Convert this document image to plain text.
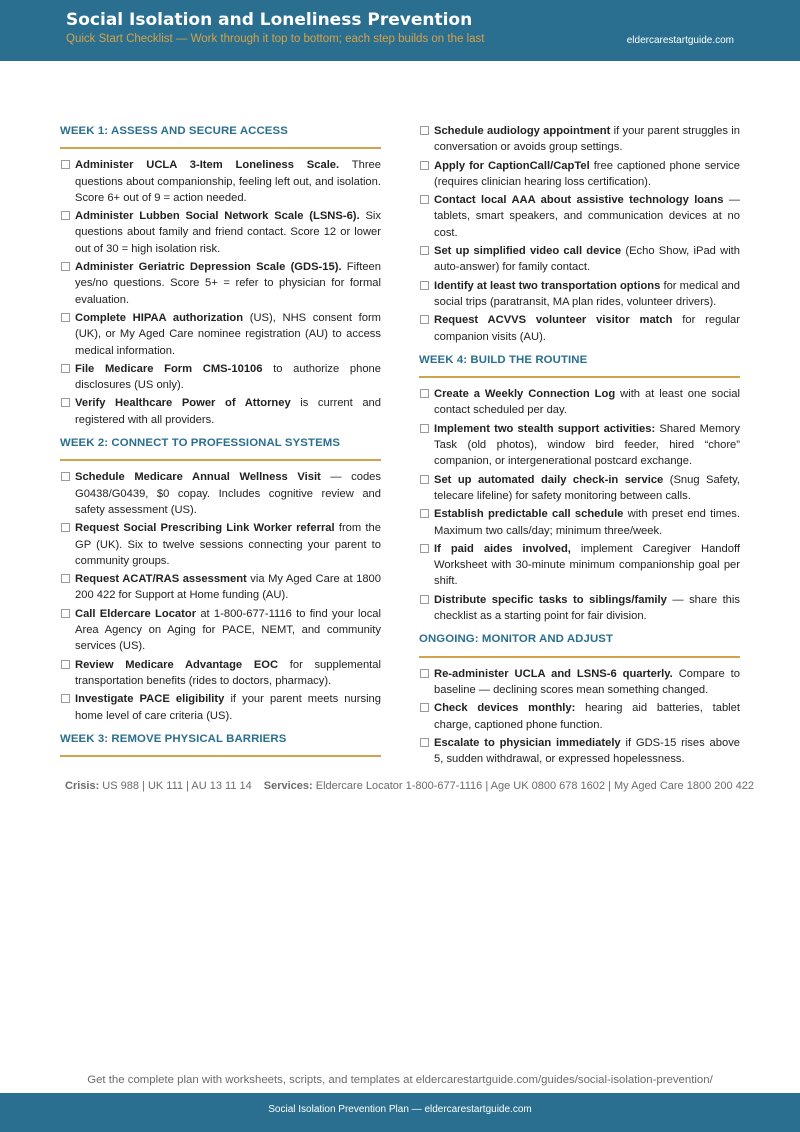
Social Isolation and Loneliness Prevention
Quick Start Checklist — Work through it top to bottom; each step builds on the last	eldercarestartguide.com
WEEK 1: ASSESS AND SECURE ACCESS
Administer UCLA 3-Item Loneliness Scale. Three questions about companionship, feeling left out, and isolation. Score 6+ out of 9 = action needed.
Administer Lubben Social Network Scale (LSNS-6). Six questions about family and friend contact. Score 12 or lower out of 30 = high isolation risk.
Administer Geriatric Depression Scale (GDS-15). Fifteen yes/no questions. Score 5+ = refer to physician for formal evaluation.
Complete HIPAA authorization (US), NHS consent form (UK), or My Aged Care nominee registration (AU) to access medical information.
File Medicare Form CMS-10106 to authorize phone disclosures (US only).
Verify Healthcare Power of Attorney is current and registered with all providers.
WEEK 2: CONNECT TO PROFESSIONAL SYSTEMS
Schedule Medicare Annual Wellness Visit — codes G0438/G0439, $0 copay. Includes cognitive review and safety assessment (US).
Request Social Prescribing Link Worker referral from the GP (UK). Six to twelve sessions connecting your parent to community groups.
Request ACAT/RAS assessment via My Aged Care at 1800 200 422 for Support at Home funding (AU).
Call Eldercare Locator at 1-800-677-1116 to find your local Area Agency on Aging for PACE, NEMT, and community services (US).
Review Medicare Advantage EOC for supplemental transportation benefits (rides to doctors, pharmacy).
Investigate PACE eligibility if your parent meets nursing home level of care criteria (US).
WEEK 3: REMOVE PHYSICAL BARRIERS
Schedule audiology appointment if your parent struggles in conversation or avoids group settings.
Apply for CaptionCall/CapTel free captioned phone service (requires clinician hearing loss certification).
Contact local AAA about assistive technology loans — tablets, smart speakers, and communication devices at no cost.
Set up simplified video call device (Echo Show, iPad with auto-answer) for family contact.
Identify at least two transportation options for medical and social trips (paratransit, MA plan rides, volunteer drivers).
Request ACVVS volunteer visitor match for regular companion visits (AU).
WEEK 4: BUILD THE ROUTINE
Create a Weekly Connection Log with at least one social contact scheduled per day.
Implement two stealth support activities: Shared Memory Task (old photos), window bird feeder, hired “chore” companion, or intergenerational postcard exchange.
Set up automated daily check-in service (Snug Safety, telecare lifeline) for safety monitoring between calls.
Establish predictable call schedule with preset end times. Maximum two calls/day; minimum three/week.
If paid aides involved, implement Caregiver Handoff Worksheet with 30-minute minimum companionship goal per shift.
Distribute specific tasks to siblings/family — share this checklist as a starting point for fair division.
ONGOING: MONITOR AND ADJUST
Re-administer UCLA and LSNS-6 quarterly. Compare to baseline — declining scores mean something changed.
Check devices monthly: hearing aid batteries, tablet charge, captioned phone function.
Escalate to physician immediately if GDS-15 rises above 5, sudden withdrawal, or expressed hopelessness.
Crisis: US 988 | UK 111 | AU 13 11 14 Services: Eldercare Locator 1-800-677-1116 | Age UK 0800 678 1602 | My Aged Care 1800 200 422
Get the complete plan with worksheets, scripts, and templates at eldercarestartguide.com/guides/social-isolation-prevention/
Social Isolation Prevention Plan — eldercarestartguide.com
